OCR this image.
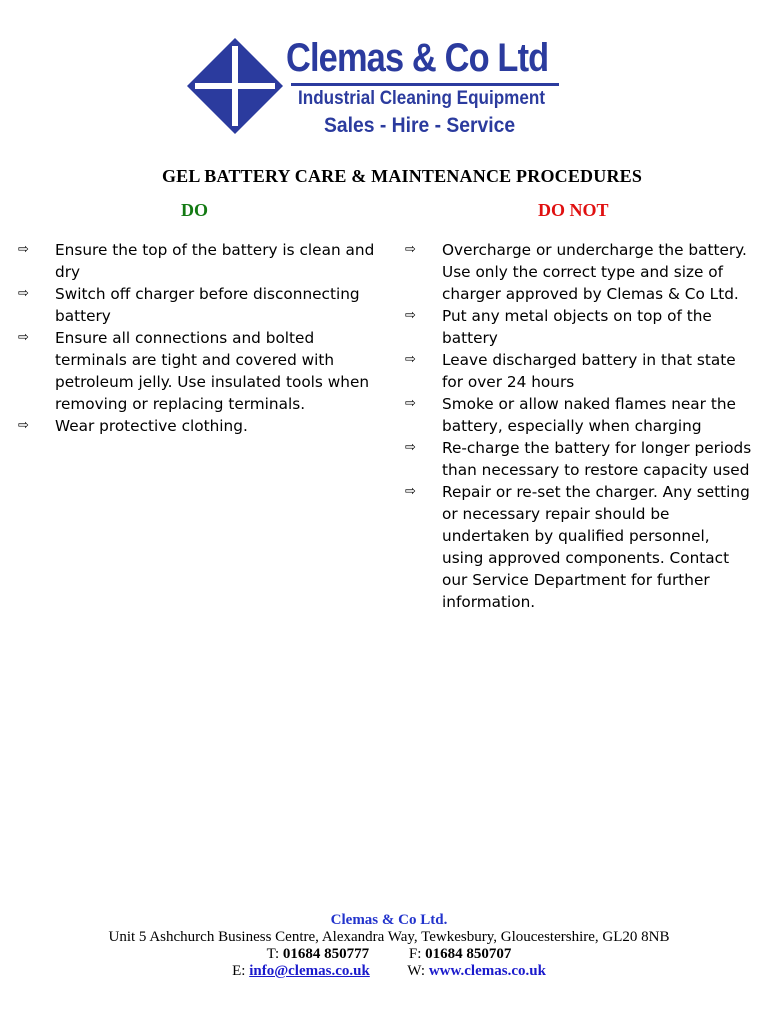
Clemas & Co Ltd
Industrial Cleaning Equipment
Sales - Hire - Service
GEL BATTERY CARE & MAINTENANCE PROCEDURES
DO	DO NOT
⇨ Ensure the top of the battery is clean and dry
⇨ Switch off charger before disconnecting battery
⇨ Ensure all connections and bolted terminals are tight and covered with petroleum jelly. Use insulated tools when removing or replacing terminals.
⇨ Wear protective clothing.
⇨ Overcharge or undercharge the battery. Use only the correct type and size of charger approved by Clemas & Co Ltd.
⇨ Put any metal objects on top of the battery
⇨ Leave discharged battery in that state for over 24 hours
⇨ Smoke or allow naked flames near the battery, especially when charging
⇨ Re-charge the battery for longer periods than necessary to restore capacity used
⇨ Repair or re-set the charger. Any setting or necessary repair should be undertaken by qualified personnel, using approved components. Contact our Service Department for further information.
Clemas & Co Ltd.
Unit 5 Ashchurch Business Centre, Alexandra Way, Tewkesbury, Gloucestershire, GL20 8NB
T: 01684 850777	F: 01684 850707
E: info@clemas.co.uk W: www.clemas.co.uk
